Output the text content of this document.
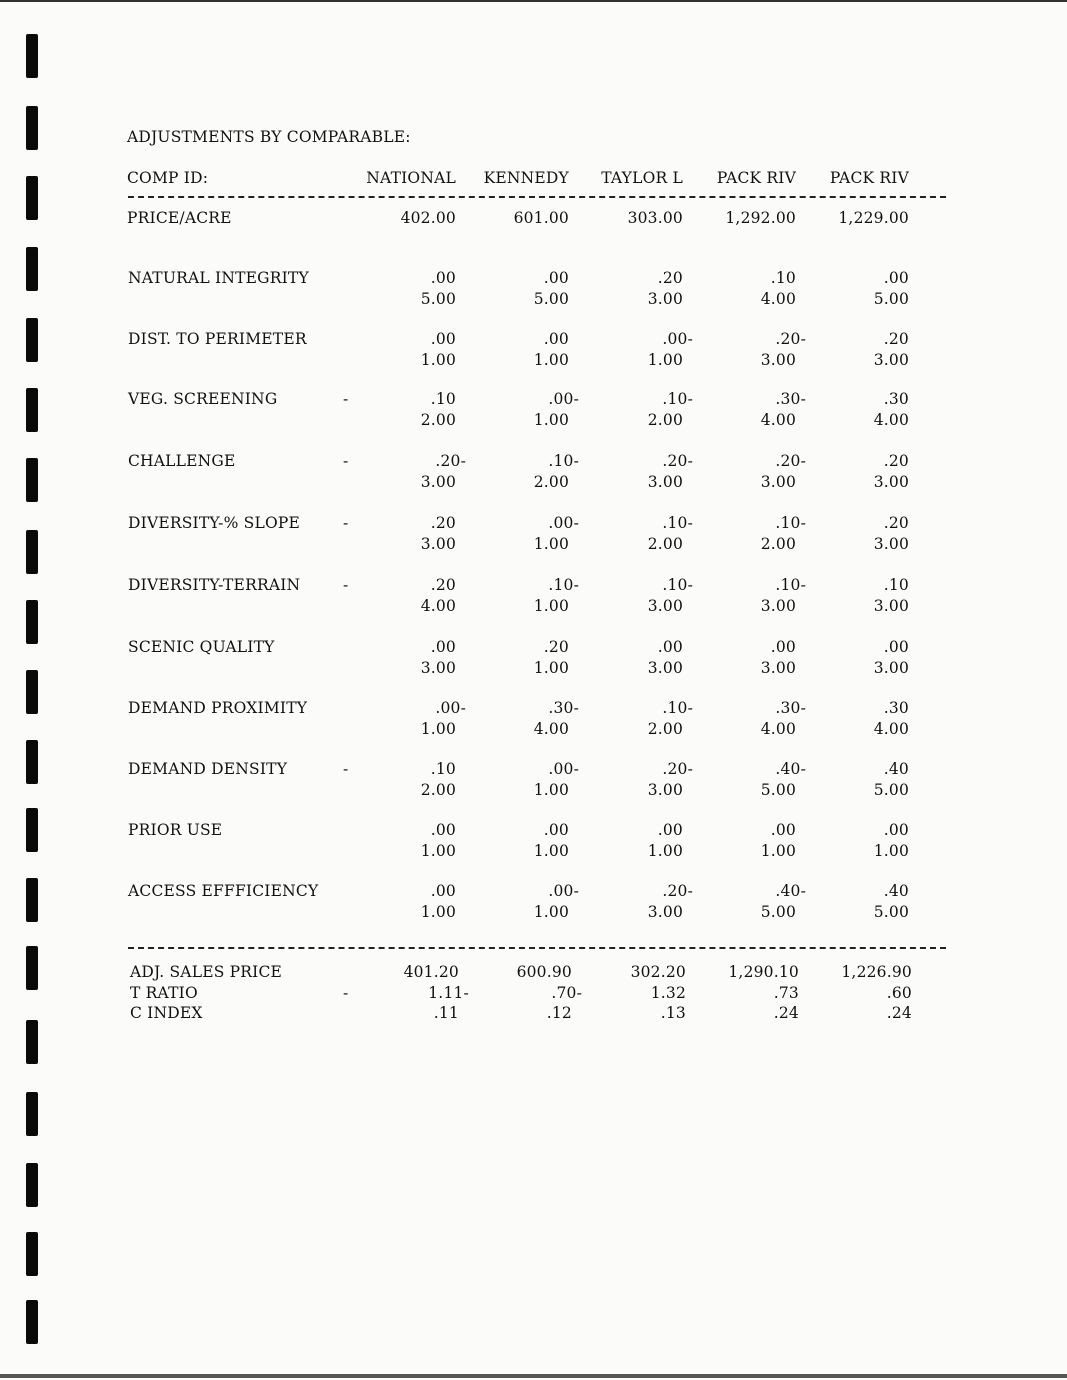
ADJUSTMENTS BY COMPARABLE:
COMP ID:	NATIONAL	KENNEDY	TAYLOR L	PACK RIV	PACK RIV
PRICE/ACRE	402.00	601.00	303.00	1,292.00	1,229.00
NATURAL INTEGRITY	.00	.00	.20	.10	.00
5.00	5.00	3.00	4.00	5.00
DIST. TO PERIMETER	.00	.00	.00-	.20-	.20
1.00	1.00	1.00	3.00	3.00
VEG. SCREENING	-	.10	.00-	.10-	.30-	.30
2.00	1.00	2.00	4.00	4.00
CHALLENGE	-	.20-	.10-	.20-	.20-	.20
3.00	2.00	3.00	3.00	3.00
DIVERSITY-% SLOPE	-	.20	.00-	.10-	.10-	.20
3.00	1.00	2.00	2.00	3.00
DIVERSITY-TERRAIN	-	.20	.10-	.10-	.10-	.10
4.00	1.00	3.00	3.00	3.00
SCENIC QUALITY	.00	.20	.00	.00	.00
3.00	1.00	3.00	3.00	3.00
DEMAND PROXIMITY	.00-	.30-	.10-	.30-	.30
1.00	4.00	2.00	4.00	4.00
DEMAND DENSITY	-	.10	.00-	.20-	.40-	.40
2.00	1.00	3.00	5.00	5.00
PRIOR USE	.00	.00	.00	.00	.00
1.00	1.00	1.00	1.00	1.00
ACCESS EFFFICIENCY	.00	.00-	.20-	.40-	.40
1.00	1.00	3.00	5.00	5.00
ADJ. SALES PRICE	401.20	600.90	302.20	1,290.10	1,226.90
T RATIO	-	1.11-	.70-	1.32	.73	.60
C INDEX	.11	.12	.13	.24	.24
